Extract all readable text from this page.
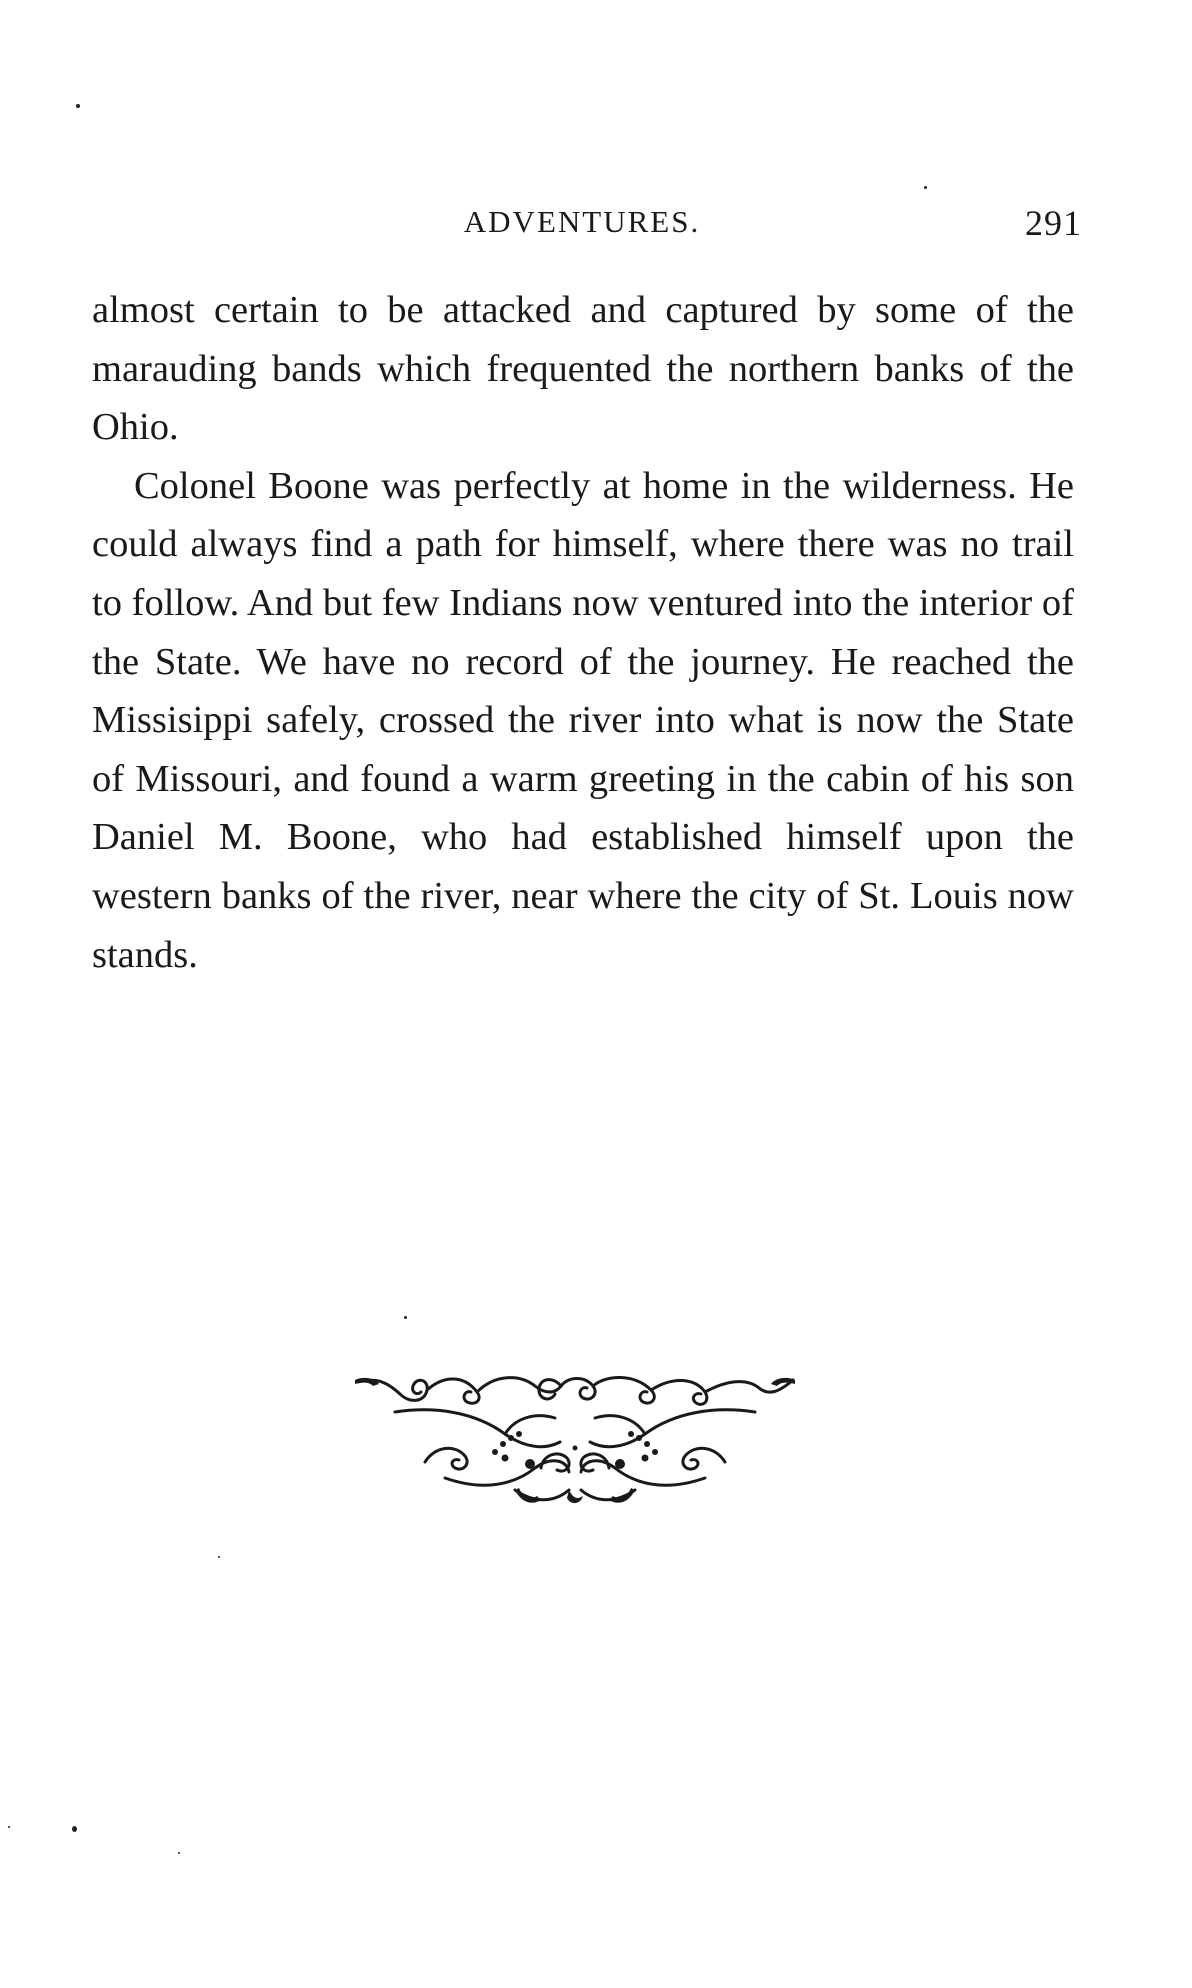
ADVENTURES.	291

almost certain to be attacked and captured by some of the marauding bands which frequented the northern banks of the Ohio.

Colonel Boone was perfectly at home in the wilderness. He could always find a path for himself, where there was no trail to follow. And but few Indians now ventured into the interior of the State. We have no record of the journey. He reached the Missisippi safely, crossed the river into what is now the State of Missouri, and found a warm greeting in the cabin of his son Daniel M. Boone, who had established himself upon the western banks of the river, near where the city of St. Louis now stands.
